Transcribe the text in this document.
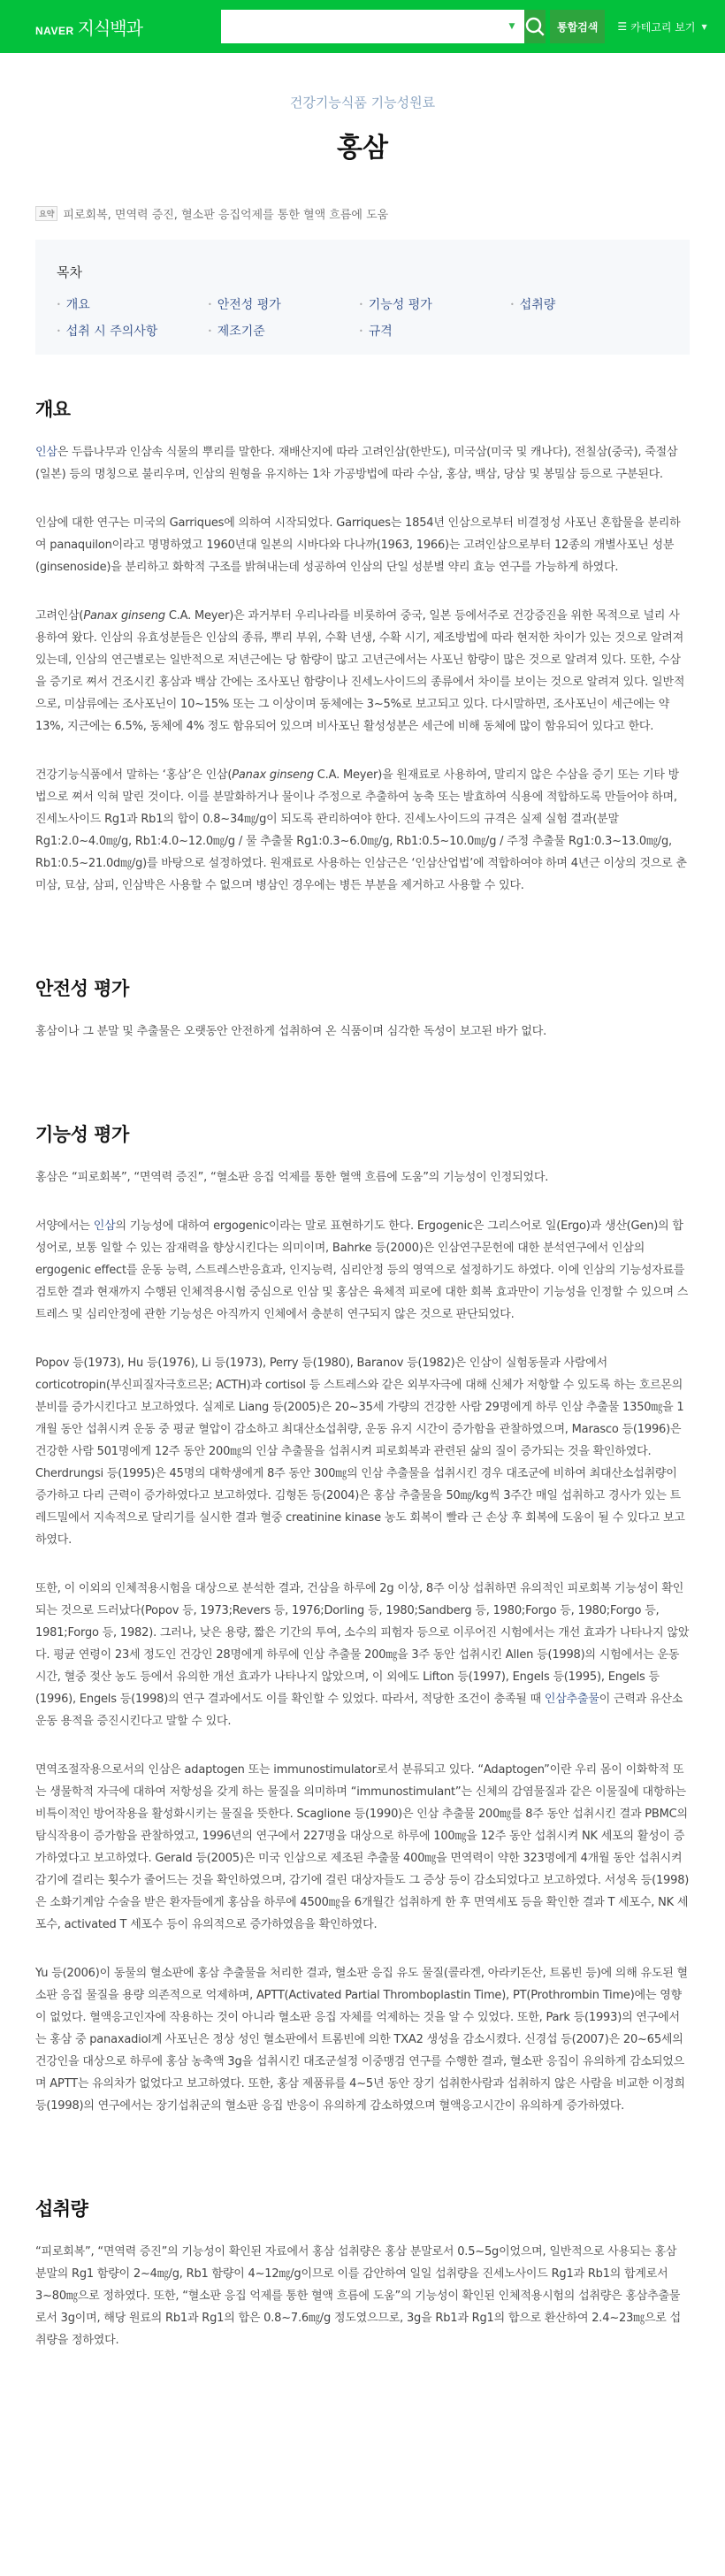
NAVER 지식백과	▼	통합검색	☰ 카테고리 보기 ▼
건강기능식품 기능성원료
홍삼
요약 피로회복, 면역력 증진, 혈소판 응집억제를 통한 혈액 흐름에 도움
목차
• 개요	• 안전성 평가	• 기능성 평가	• 섭취량
• 섭취 시 주의사항	• 제조기준	• 규격
개요

인삼은 두릅나무과 인삼속 식물의 뿌리를 말한다. 재배산지에 따라 고려인삼(한반도), 미국삼(미국 및 캐나다), 전칠삼(중국), 죽절삼(일본) 등의 명칭으로 불리우며, 인삼의 원형을 유지하는 1차 가공방법에 따라 수삼, 홍삼, 백삼, 당삼 및 봉밀삼 등으로 구분된다.

인삼에 대한 연구는 미국의 Garriques에 의하여 시작되었다. Garriques는 1854년 인삼으로부터 비결정성 사포닌 혼합물을 분리하여 panaquilon이라고 명명하였고 1960년대 일본의 시바다와 다나까(1963, 1966)는 고려인삼으로부터 12종의 개별사포닌 성분(ginsenoside)을 분리하고 화학적 구조를 밝혀내는데 성공하여 인삼의 단일 성분별 약리 효능 연구를 가능하게 하였다.

고려인삼(Panax ginseng C.A. Meyer)은 과거부터 우리나라를 비롯하여 중국, 일본 등에서주로 건강증진을 위한 목적으로 널리 사용하여 왔다. 인삼의 유효성분들은 인삼의 종류, 뿌리 부위, 수확 년생, 수확 시기, 제조방법에 따라 현저한 차이가 있는 것으로 알려져 있는데, 인삼의 연근별로는 일반적으로 저년근에는 당 함량이 많고 고년근에서는 사포닌 함량이 많은 것으로 알려져 있다. 또한, 수삼을 증기로 쪄서 건조시킨 홍삼과 백삼 간에는 조사포닌 함량이나 진세노사이드의 종류에서 차이를 보이는 것으로 알려져 있다. 일반적으로, 미삼류에는 조사포닌이 10~15% 또는 그 이상이며 동체에는 3~5%로 보고되고 있다. 다시말하면, 조사포닌이 세근에는 약 13%, 지근에는 6.5%, 동체에 4% 정도 함유되어 있으며 비사포닌 활성성분은 세근에 비해 동체에 많이 함유되어 있다고 한다.

건강기능식품에서 말하는 ‘홍삼’은 인삼(Panax ginseng C.A. Meyer)을 원재료로 사용하여, 말리지 않은 수삼을 증기 또는 기타 방법으로 쪄서 익혀 말린 것이다. 이를 분말화하거나 물이나 주정으로 추출하여 농축 또는 발효하여 식용에 적합하도록 만들어야 하며, 진세노사이드 Rg1과 Rb1의 합이 0.8~34㎎/g이 되도록 관리하여야 한다. 진세노사이드의 규격은 실제 실험 결과(분말 Rg1:2.0~4.0㎎/g, Rb1:4.0~12.0㎎/g / 물 추출물 Rg1:0.3~6.0㎎/g, Rb1:0.5~10.0㎎/g / 주정 추출물 Rg1:0.3~13.0㎎/g, Rb1:0.5~21.0d㎎/g)를 바탕으로 설정하였다. 원재료로 사용하는 인삼근은 ‘인삼산업법’에 적합하여야 하며 4년근 이상의 것으로 춘미삼, 묘삼, 삼피, 인삼박은 사용할 수 없으며 병삼인 경우에는 병든 부분을 제거하고 사용할 수 있다.

안전성 평가

홍삼이나 그 분말 및 추출물은 오랫동안 안전하게 섭취하여 온 식품이며 심각한 독성이 보고된 바가 없다.

기능성 평가

홍삼은 “피로회복”, “면역력 증진”, “혈소판 응집 억제를 통한 혈액 흐름에 도움”의 기능성이 인정되었다.

서양에서는 인삼의 기능성에 대하여 ergogenic이라는 말로 표현하기도 한다. Ergogenic은 그리스어로 일(Ergo)과 생산(Gen)의 합성어로, 보통 일할 수 있는 잠재력을 향상시킨다는 의미이며, Bahrke 등(2000)은 인삼연구문헌에 대한 분석연구에서 인삼의 ergogenic effect를 운동 능력, 스트레스반응효과, 인지능력, 심리안정 등의 영역으로 설정하기도 하였다. 이에 인삼의 기능성자료를 검토한 결과 현재까지 수행된 인체적용시험 중심으로 인삼 및 홍삼은 육체적 피로에 대한 회복 효과만이 기능성을 인정할 수 있으며 스트레스 및 심리안정에 관한 기능성은 아직까지 인체에서 충분히 연구되지 않은 것으로 판단되었다.

Popov 등(1973), Hu 등(1976), Li 등(1973), Perry 등(1980), Baranov 등(1982)은 인삼이 실험동물과 사람에서 corticotropin(부신피질자극호르몬; ACTH)과 cortisol 등 스트레스와 같은 외부자극에 대해 신체가 저항할 수 있도록 하는 호르몬의 분비를 증가시킨다고 보고하였다. 실제로 Liang 등(2005)은 20~35세 가량의 건강한 사람 29명에게 하루 인삼 추출물 1350㎎을 1개월 동안 섭취시켜 운동 중 평균 혈압이 감소하고 최대산소섭취량, 운동 유지 시간이 증가함을 관찰하였으며, Marasco 등(1996)은 건강한 사람 501명에게 12주 동안 200㎎의 인삼 추출물을 섭취시켜 피로회복과 관련된 삶의 질이 증가되는 것을 확인하였다. Cherdrungsi 등(1995)은 45명의 대학생에게 8주 동안 300㎎의 인삼 추출물을 섭취시킨 경우 대조군에 비하여 최대산소섭취량이 증가하고 다리 근력이 증가하였다고 보고하였다. 김형돈 등(2004)은 홍삼 추출물을 50㎎/kg씩 3주간 매일 섭취하고 경사가 있는 트레드밀에서 지속적으로 달리기를 실시한 결과 혈중 creatinine kinase 농도 회복이 빨라 근 손상 후 회복에 도움이 될 수 있다고 보고하였다.

또한, 이 이외의 인체적용시험을 대상으로 분석한 결과, 건삼을 하루에 2g 이상, 8주 이상 섭취하면 유의적인 피로회복 기능성이 확인되는 것으로 드러났다(Popov 등, 1973;Revers 등, 1976;Dorling 등, 1980;Sandberg 등, 1980;Forgo 등, 1980;Forgo 등, 1981;Forgo 등, 1982). 그러나, 낮은 용량, 짧은 기간의 투여, 소수의 피험자 등으로 이루어진 시험에서는 개선 효과가 나타나지 않았다. 평균 연령이 23세 정도인 건강인 28명에게 하루에 인삼 추출물 200㎎을 3주 동안 섭취시킨 Allen 등(1998)의 시험에서는 운동 시간, 혈중 젖산 농도 등에서 유의한 개선 효과가 나타나지 않았으며, 이 외에도 Lifton 등(1997), Engels 등(1995), Engels 등(1996), Engels 등(1998)의 연구 결과에서도 이를 확인할 수 있었다. 따라서, 적당한 조건이 충족될 때 인삼추출물이 근력과 유산소 운동 용적을 증진시킨다고 말할 수 있다.

면역조절작용으로서의 인삼은 adaptogen 또는 immunostimulator로서 분류되고 있다. “Adaptogen”이란 우리 몸이 이화학적 또는 생물학적 자극에 대하여 저항성을 갖게 하는 물질을 의미하며 “immunostimulant”는 신체의 감염물질과 같은 이물질에 대항하는 비특이적인 방어작용을 활성화시키는 물질을 뜻한다. Scaglione 등(1990)은 인삼 추출물 200㎎를 8주 동안 섭취시킨 결과 PBMC의 탐식작용이 증가함을 관찰하였고, 1996년의 연구에서 227명을 대상으로 하루에 100㎎을 12주 동안 섭취시켜 NK 세포의 활성이 증가하였다고 보고하였다. Gerald 등(2005)은 미국 인삼으로 제조된 추출물 400㎎을 면역력이 약한 323명에게 4개월 동안 섭취시켜 감기에 걸리는 횟수가 줄어드는 것을 확인하였으며, 감기에 걸린 대상자들도 그 증상 등이 감소되었다고 보고하였다. 서성옥 등(1998)은 소화기계암 수술을 받은 환자들에게 홍삼을 하루에 4500㎎을 6개월간 섭취하게 한 후 면역세포 등을 확인한 결과 T 세포수, NK 세포수, activated T 세포수 등이 유의적으로 증가하였음을 확인하였다.

Yu 등(2006)이 동물의 혈소판에 홍삼 추출물을 처리한 결과, 혈소판 응집 유도 물질(콜라겐, 아라키돈산, 트롬빈 등)에 의해 유도된 혈소판 응집 물질을 용량 의존적으로 억제하며, APTT(Activated Partial Thromboplastin Time), PT(Prothrombin Time)에는 영향이 없었다. 혈액응고인자에 작용하는 것이 아니라 혈소판 응집 자체를 억제하는 것을 알 수 있었다. 또한, Park 등(1993)의 연구에서는 홍삼 중 panaxadiol계 사포닌은 정상 성인 혈소판에서 트롬빈에 의한 TXA2 생성을 감소시켰다. 신경섭 등(2007)은 20~65세의 건강인을 대상으로 하루에 홍삼 농축액 3g을 섭취시킨 대조군설정 이중맹검 연구를 수행한 결과, 혈소판 응집이 유의하게 감소되었으며 APTT는 유의차가 없었다고 보고하였다. 또한, 홍삼 제품류를 4~5년 동안 장기 섭취한사람과 섭취하지 않은 사람을 비교한 이정희 등(1998)의 연구에서는 장기섭취군의 혈소판 응집 반응이 유의하게 감소하였으며 혈액응고시간이 유의하게 증가하였다.

섭취량

“피로회복”, “면역력 증진”의 기능성이 확인된 자료에서 홍삼 섭취량은 홍삼 분말로서 0.5~5g이었으며, 일반적으로 사용되는 홍삼 분말의 Rg1 함량이 2~4㎎/g, Rb1 함량이 4~12㎎/g이므로 이를 감안하여 일일 섭취량을 진세노사이드 Rg1과 Rb1의 합계로서 3~80㎎으로 정하였다. 또한, “혈소판 응집 억제를 통한 혈액 흐름에 도움”의 기능성이 확인된 인체적용시험의 섭취량은 홍삼추출물로서 3g이며, 해당 원료의 Rb1과 Rg1의 합은 0.8~7.6㎎/g 정도였으므로, 3g을 Rb1과 Rg1의 합으로 환산하여 2.4~23㎎으로 섭취량을 정하였다.
